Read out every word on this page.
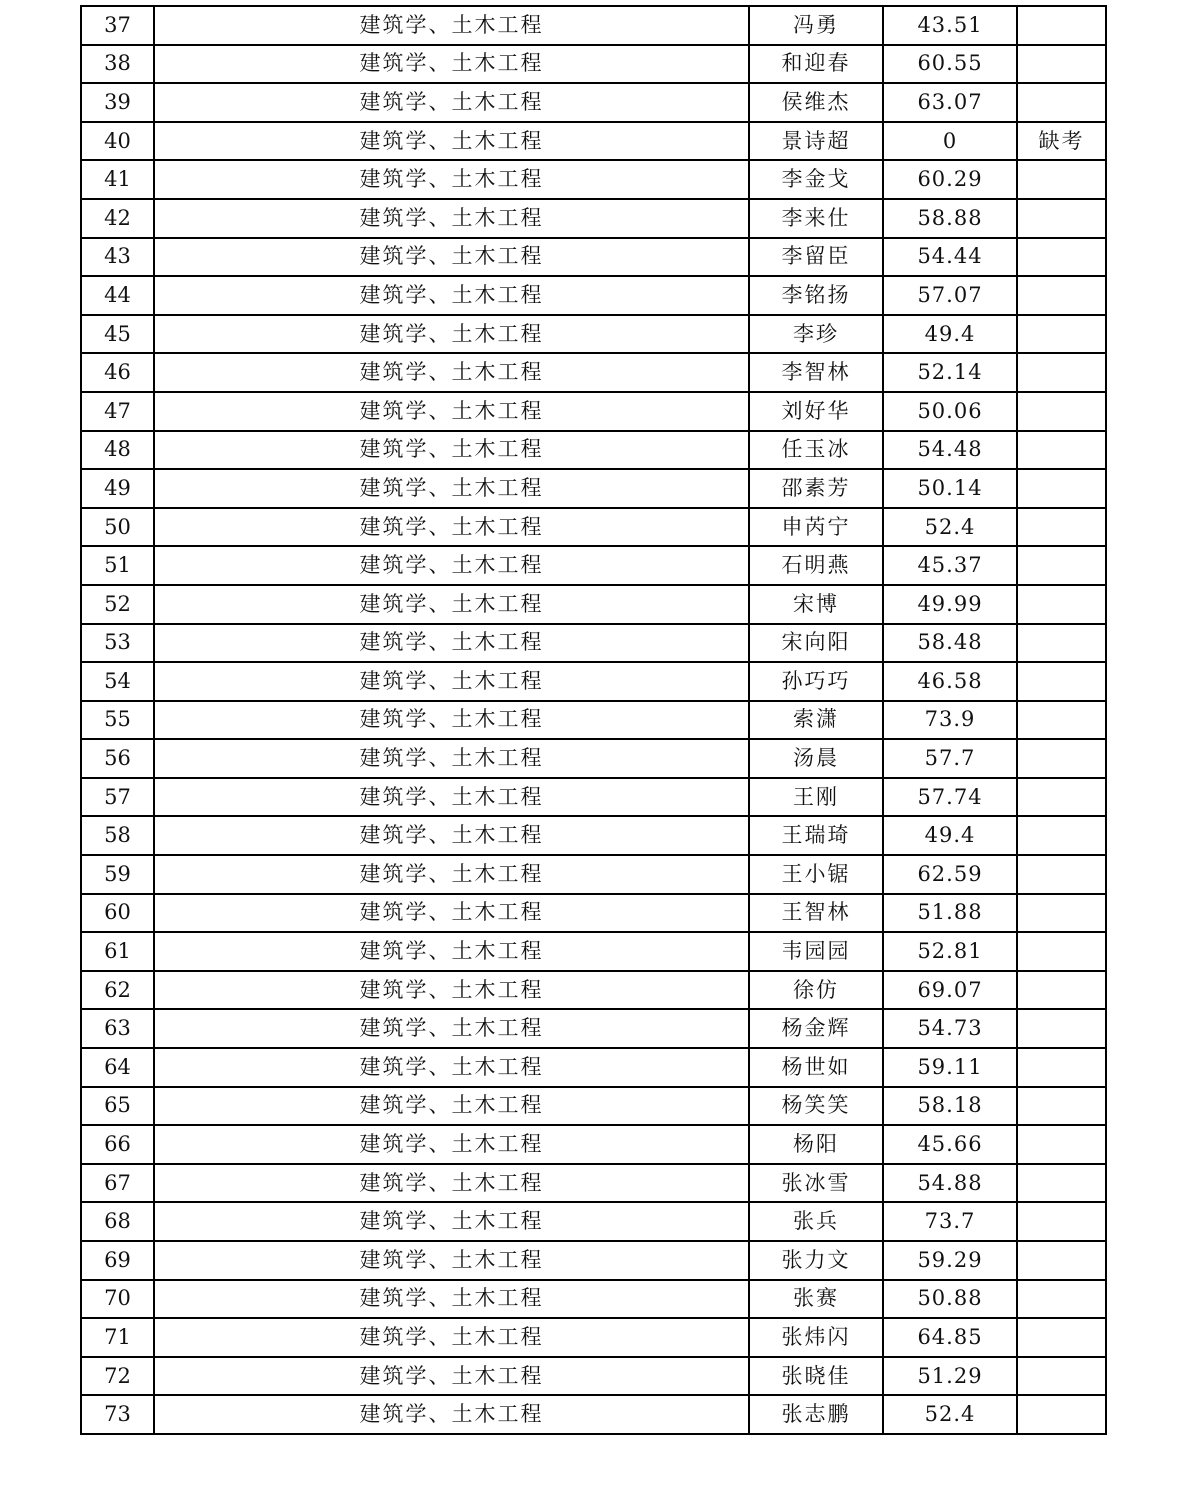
37	建筑学、土木工程	冯勇	43.51	
38	建筑学、土木工程	和迎春	60.55	
39	建筑学、土木工程	侯维杰	63.07	
40	建筑学、土木工程	景诗超	0	缺考
41	建筑学、土木工程	李金戈	60.29	
42	建筑学、土木工程	李来仕	58.88	
43	建筑学、土木工程	李留臣	54.44	
44	建筑学、土木工程	李铭扬	57.07	
45	建筑学、土木工程	李珍	49.4	
46	建筑学、土木工程	李智林	52.14	
47	建筑学、土木工程	刘好华	50.06	
48	建筑学、土木工程	任玉冰	54.48	
49	建筑学、土木工程	邵素芳	50.14	
50	建筑学、土木工程	申芮宁	52.4	
51	建筑学、土木工程	石明燕	45.37	
52	建筑学、土木工程	宋博	49.99	
53	建筑学、土木工程	宋向阳	58.48	
54	建筑学、土木工程	孙巧巧	46.58	
55	建筑学、土木工程	索潇	73.9	
56	建筑学、土木工程	汤晨	57.7	
57	建筑学、土木工程	王刚	57.74	
58	建筑学、土木工程	王瑞琦	49.4	
59	建筑学、土木工程	王小锯	62.59	
60	建筑学、土木工程	王智林	51.88	
61	建筑学、土木工程	韦园园	52.81	
62	建筑学、土木工程	徐仿	69.07	
63	建筑学、土木工程	杨金辉	54.73	
64	建筑学、土木工程	杨世如	59.11	
65	建筑学、土木工程	杨笑笑	58.18	
66	建筑学、土木工程	杨阳	45.66	
67	建筑学、土木工程	张冰雪	54.88	
68	建筑学、土木工程	张兵	73.7	
69	建筑学、土木工程	张力文	59.29	
70	建筑学、土木工程	张赛	50.88	
71	建筑学、土木工程	张炜闪	64.85	
72	建筑学、土木工程	张晓佳	51.29	
73	建筑学、土木工程	张志鹏	52.4	
